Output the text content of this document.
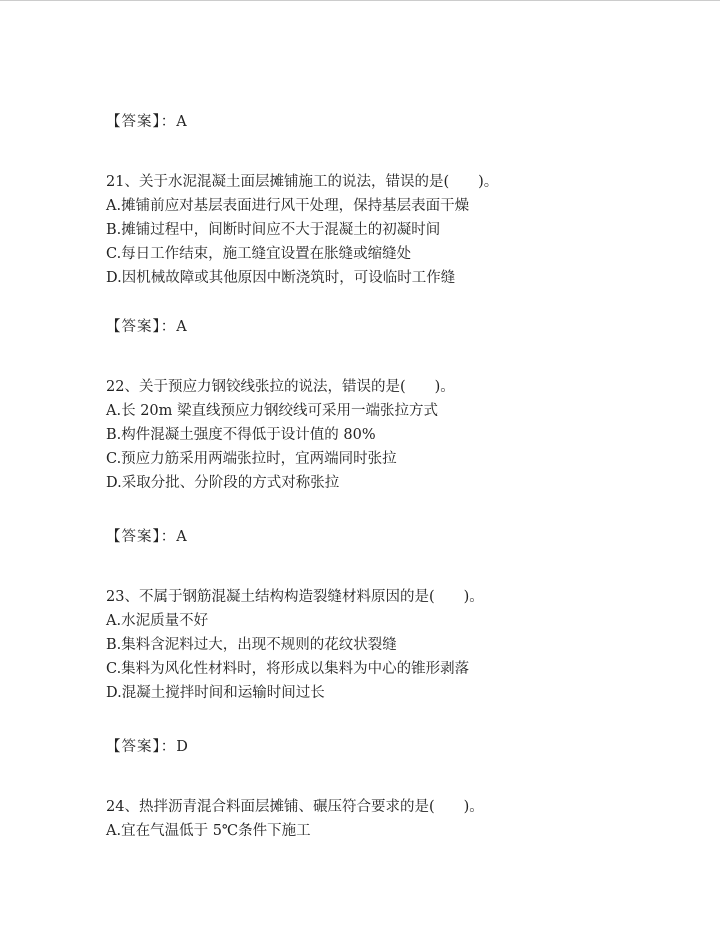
【答案】：A
21、关于水泥混凝土面层摊铺施工的说法，错误的是(　　)。
A.摊铺前应对基层表面进行风干处理，保持基层表面干燥
B.摊铺过程中，间断时间应不大于混凝土的初凝时间
C.每日工作结束，施工缝宜设置在胀缝或缩缝处
D.因机械故障或其他原因中断浇筑时，可设临时工作缝
【答案】：A
22、关于预应力钢铰线张拉的说法，错误的是(　　)。
A.长 20m 梁直线预应力钢绞线可采用一端张拉方式
B.构件混凝土强度不得低于设计值的 80%
C.预应力筋采用两端张拉时，宜两端同时张拉
D.采取分批、分阶段的方式对称张拉
【答案】：A
23、不属于钢筋混凝土结构构造裂缝材料原因的是(　　)。
A.水泥质量不好
B.集料含泥料过大，出现不规则的花纹状裂缝
C.集料为风化性材料时，将形成以集料为中心的锥形剥落
D.混凝土搅拌时间和运输时间过长
【答案】：D
24、热拌沥青混合料面层摊铺、碾压符合要求的是(　　)。
A.宜在气温低于 5℃条件下施工
